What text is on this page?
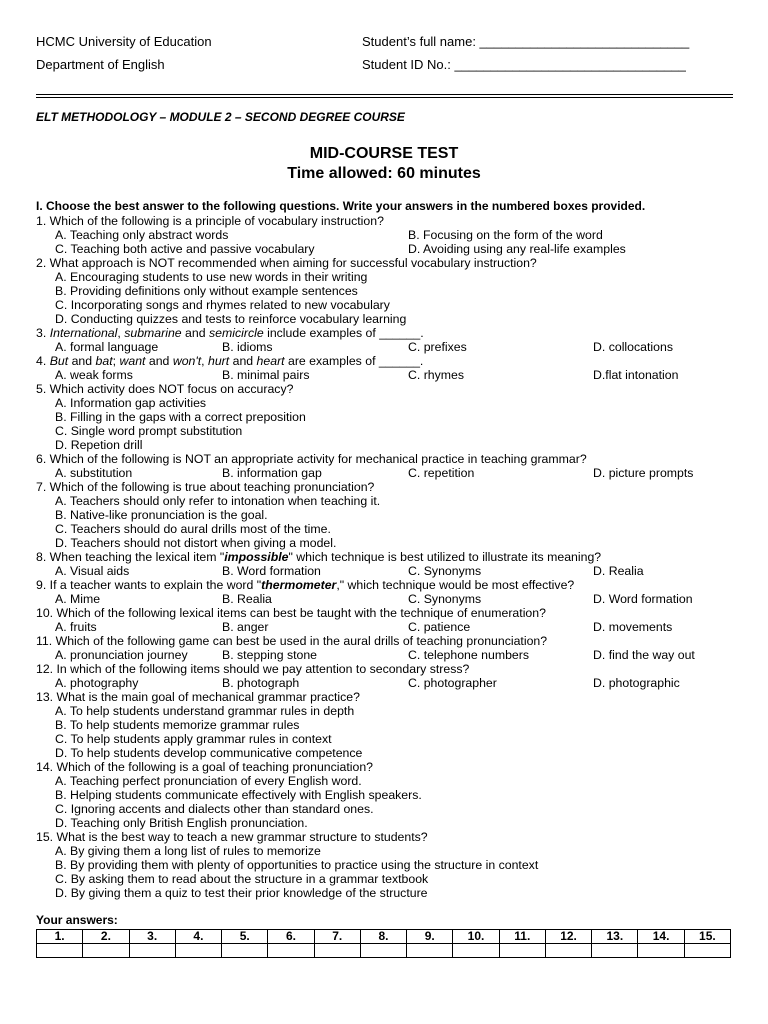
HCMC University of Education
Department of English
Student’s full name: _____________________________
Student ID No.: ________________________________
ELT METHODOLOGY – MODULE 2 – SECOND DEGREE COURSE
MID-COURSE TEST
Time allowed: 60 minutes
I. Choose the best answer to the following questions. Write your answers in the numbered boxes provided.
1. Which of the following is a principle of vocabulary instruction?
A. Teaching only abstract words	B. Focusing on the form of the word
C. Teaching both active and passive vocabulary	D. Avoiding using any real-life examples
2. What approach is NOT recommended when aiming for successful vocabulary instruction?
A. Encouraging students to use new words in their writing
B. Providing definitions only without example sentences
C. Incorporating songs and rhymes related to new vocabulary
D. Conducting quizzes and tests to reinforce vocabulary learning
3. International, submarine and semicircle include examples of ______.
A. formal language	B. idioms	C. prefixes	D. collocations
4. But and bat; want and won't, hurt and heart are examples of ______.
A. weak forms	B. minimal pairs	C. rhymes	D.flat intonation
5. Which activity does NOT focus on accuracy?
A. Information gap activities
B. Filling in the gaps with a correct preposition
C. Single word prompt substitution
D. Repetion drill
6. Which of the following is NOT an appropriate activity for mechanical practice in teaching grammar?
A. substitution	B. information gap	C. repetition	D. picture prompts
7. Which of the following is true about teaching pronunciation?
A. Teachers should only refer to intonation when teaching it.
B. Native-like pronunciation is the goal.
C. Teachers should do aural drills most of the time.
D. Teachers should not distort when giving a model.
8. When teaching the lexical item "impossible" which technique is best utilized to illustrate its meaning?
A. Visual aids	B. Word formation	C. Synonyms	D. Realia
9. If a teacher wants to explain the word "thermometer," which technique would be most effective?
A. Mime	B. Realia	C. Synonyms	D. Word formation
10. Which of the following lexical items can best be taught with the technique of enumeration?
A. fruits	B. anger	C. patience	D. movements
11. Which of the following game can best be used in the aural drills of teaching pronunciation?
A. pronunciation journey	B. stepping stone	C. telephone numbers	D. find the way out
12. In which of the following items should we pay attention to secondary stress?
A. photography	B. photograph	C. photographer	D. photographic
13. What is the main goal of mechanical grammar practice?
A. To help students understand grammar rules in depth
B. To help students memorize grammar rules
C. To help students apply grammar rules in context
D. To help students develop communicative competence
14. Which of the following is a goal of teaching pronunciation?
A. Teaching perfect pronunciation of every English word.
B. Helping students communicate effectively with English speakers.
C. Ignoring accents and dialects other than standard ones.
D. Teaching only British English pronunciation.
15. What is the best way to teach a new grammar structure to students?
A. By giving them a long list of rules to memorize
B. By providing them with plenty of opportunities to practice using the structure in context
C. By asking them to read about the structure in a grammar textbook
D. By giving them a quiz to test their prior knowledge of the structure
Your answers:
1.	2.	3.	4.	5.	6.	7.	8.	9.	10.	11.	12.	13.	14.	15.
